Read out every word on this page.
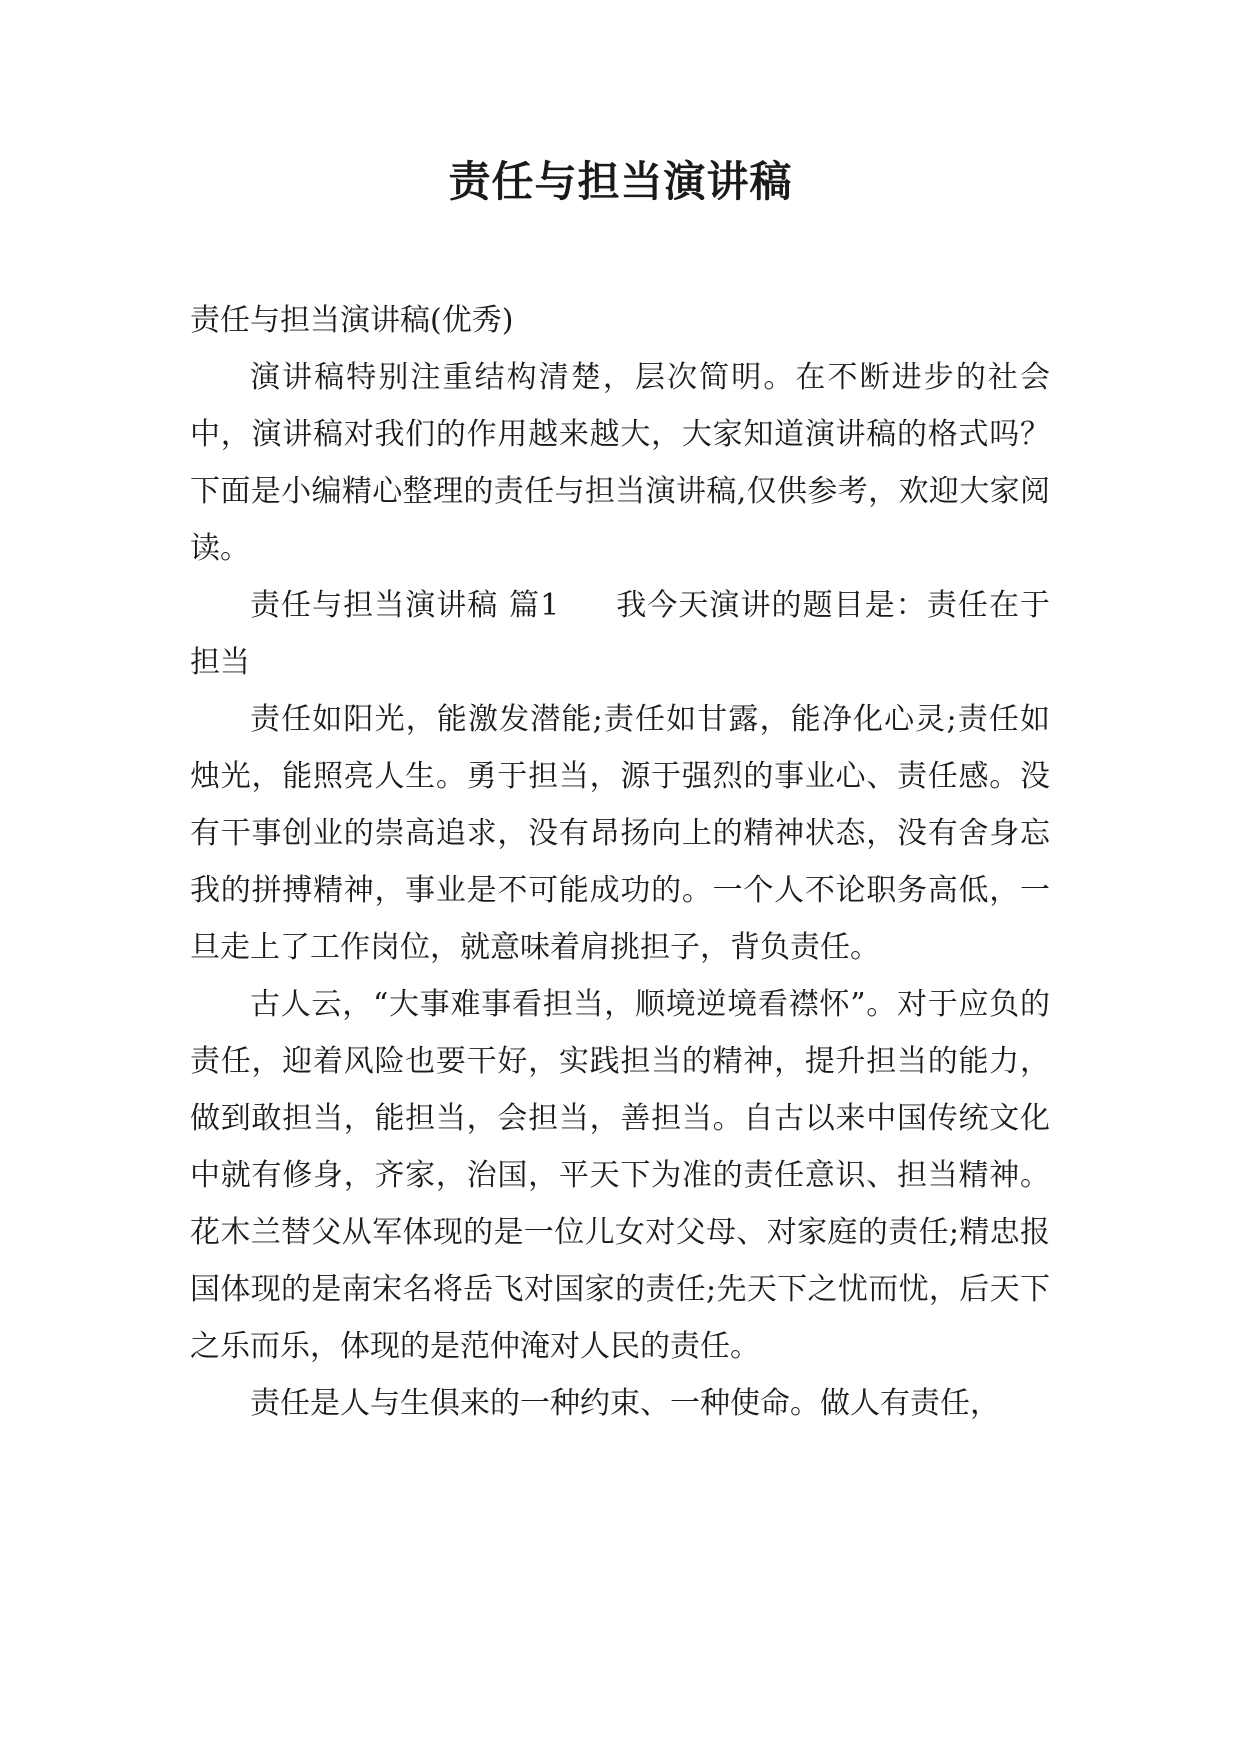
责任与担当演讲稿

责任与担当演讲稿(优秀)

演讲稿特别注重结构清楚，层次简明。在不断进步的社会中，演讲稿对我们的作用越来越大，大家知道演讲稿的格式吗？下面是小编精心整理的责任与担当演讲稿,仅供参考，欢迎大家阅读。

责任与担当演讲稿 篇1 我今天演讲的题目是：责任在于担当

责任如阳光，能激发潜能;责任如甘露，能净化心灵;责任如烛光，能照亮人生。勇于担当，源于强烈的事业心、责任感。没有干事创业的崇高追求，没有昂扬向上的精神状态，没有舍身忘我的拼搏精神，事业是不可能成功的。一个人不论职务高低，一旦走上了工作岗位，就意味着肩挑担子，背负责任。

古人云，“大事难事看担当，顺境逆境看襟怀”。对于应负的责任，迎着风险也要干好，实践担当的精神，提升担当的能力，做到敢担当，能担当，会担当，善担当。自古以来中国传统文化中就有修身，齐家，治国，平天下为准的责任意识、担当精神。花木兰替父从军体现的是一位儿女对父母、对家庭的责任;精忠报国体现的是南宋名将岳飞对国家的责任;先天下之忧而忧，后天下之乐而乐，体现的是范仲淹对人民的责任。

责任是人与生俱来的一种约束、一种使命。做人有责任，
